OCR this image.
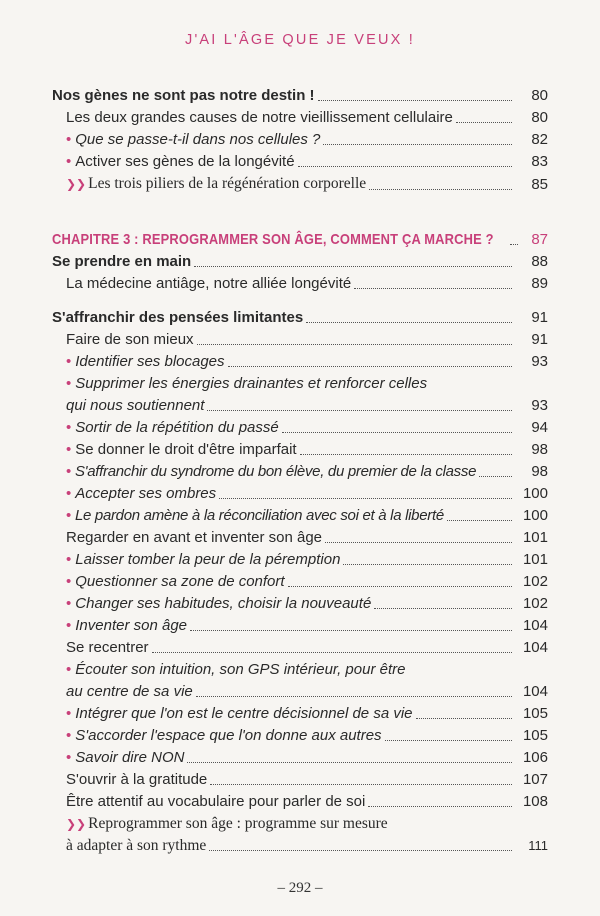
J'AI L'ÂGE QUE JE VEUX !
Nos gènes ne sont pas notre destin !	80
Les deux grandes causes de notre vieillissement cellulaire	80
• Que se passe-t-il dans nos cellules ?	82
• Activer ses gènes de la longévité	83
❯❯ Les trois piliers de la régénération corporelle	85
CHAPITRE 3 : REPROGRAMMER SON ÂGE, COMMENT ÇA MARCHE ?	87
Se prendre en main	88
La médecine antiâge, notre alliée longévité	89
S'affranchir des pensées limitantes	91
Faire de son mieux	91
• Identifier ses blocages	93
• Supprimer les énergies drainantes et renforcer celles
qui nous soutiennent	93
• Sortir de la répétition du passé	94
• Se donner le droit d'être imparfait	98
• S'affranchir du syndrome du bon élève, du premier de la classe	98
• Accepter ses ombres	100
• Le pardon amène à la réconciliation avec soi et à la liberté	100
Regarder en avant et inventer son âge	101
• Laisser tomber la peur de la péremption	101
• Questionner sa zone de confort	102
• Changer ses habitudes, choisir la nouveauté	102
• Inventer son âge	104
Se recentrer	104
• Écouter son intuition, son GPS intérieur, pour être
au centre de sa vie	104
• Intégrer que l'on est le centre décisionnel de sa vie	105
• S'accorder l'espace que l'on donne aux autres	105
• Savoir dire NON	106
S'ouvrir à la gratitude	107
Être attentif au vocabulaire pour parler de soi	108
❯❯ Reprogrammer son âge : programme sur mesure
à adapter à son rythme	111
– 292 –
